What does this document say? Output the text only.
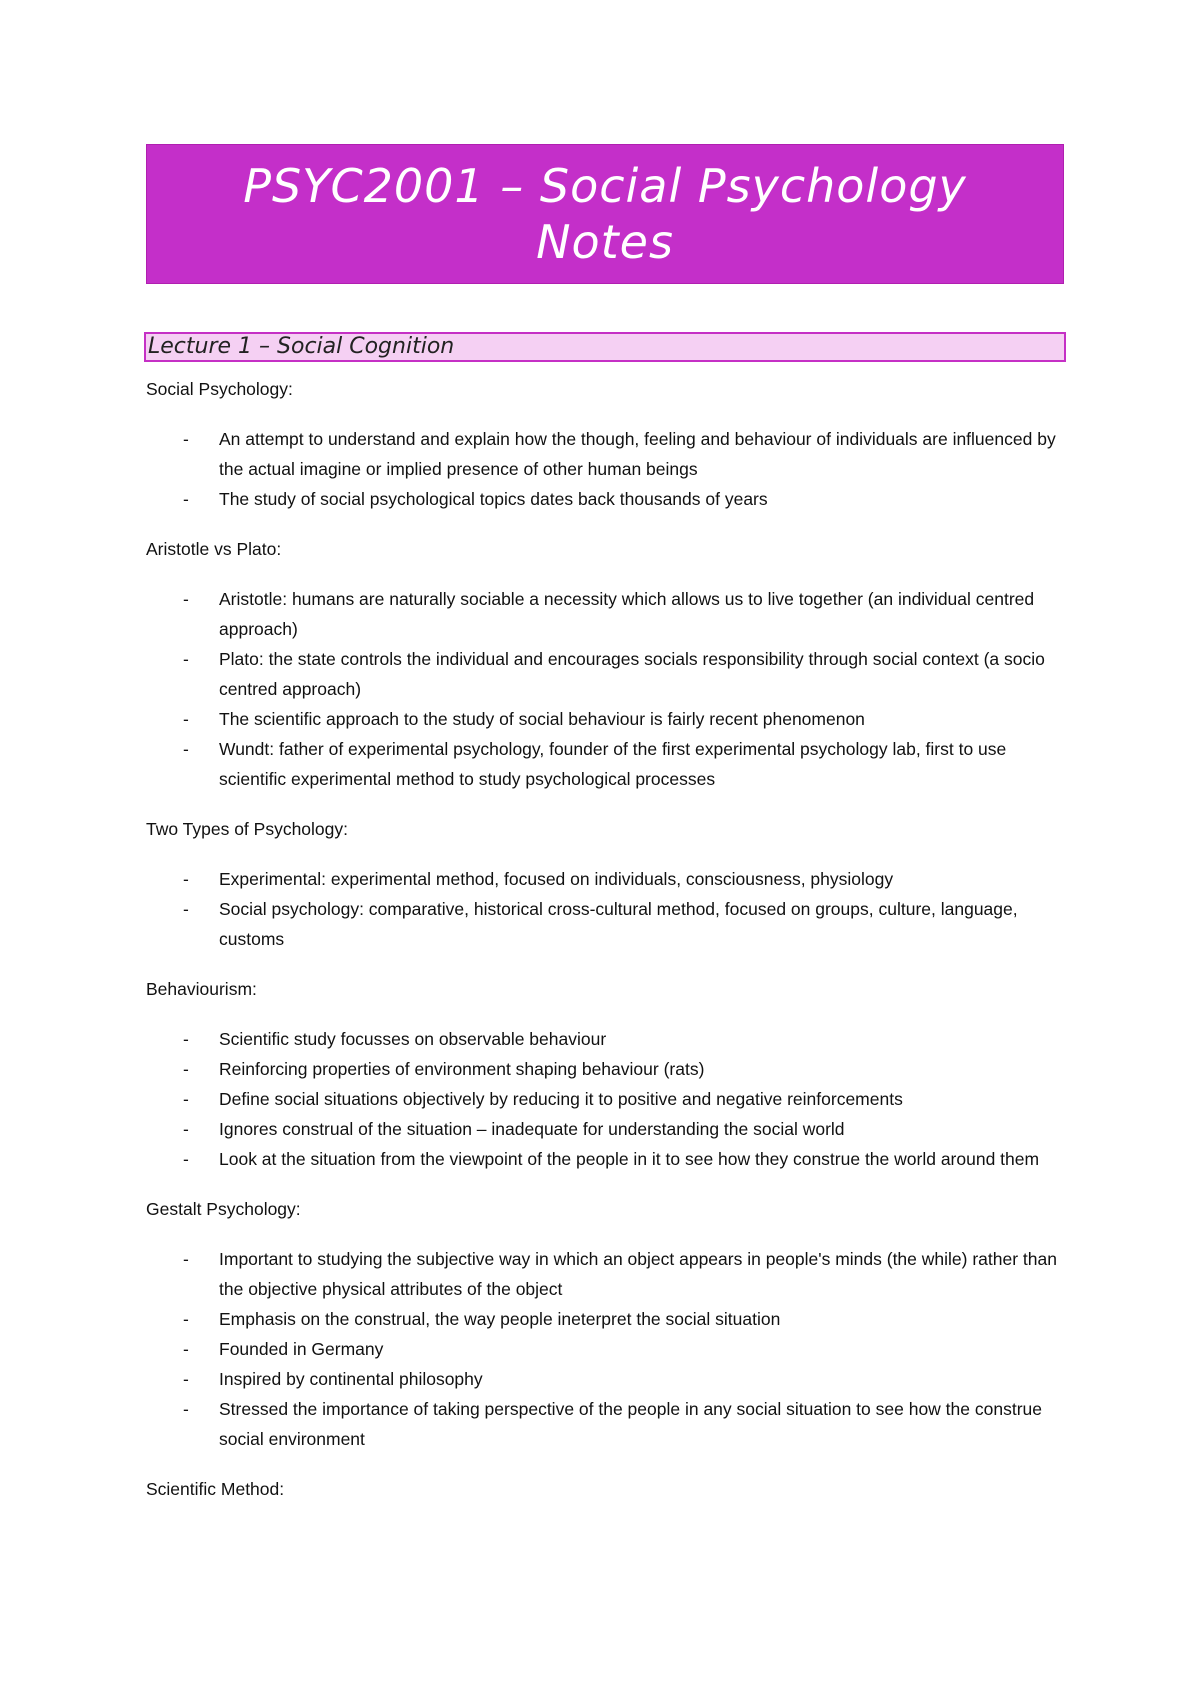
PSYC2001 – Social Psychology
Notes
Lecture 1 – Social Cognition
Social Psychology:
- An attempt to understand and explain how the though, feeling and behaviour of individuals are influenced by the actual imagine or implied presence of other human beings
- The study of social psychological topics dates back thousands of years
Aristotle vs Plato:
- Aristotle: humans are naturally sociable a necessity which allows us to live together (an individual centred approach)
- Plato: the state controls the individual and encourages socials responsibility through social context (a socio centred approach)
- The scientific approach to the study of social behaviour is fairly recent phenomenon
- Wundt: father of experimental psychology, founder of the first experimental psychology lab, first to use scientific experimental method to study psychological processes
Two Types of Psychology:
- Experimental: experimental method, focused on individuals, consciousness, physiology
- Social psychology: comparative, historical cross-cultural method, focused on groups, culture, language, customs
Behaviourism:
- Scientific study focusses on observable behaviour
- Reinforcing properties of environment shaping behaviour (rats)
- Define social situations objectively by reducing it to positive and negative reinforcements
- Ignores construal of the situation – inadequate for understanding the social world
- Look at the situation from the viewpoint of the people in it to see how they construe the world around them
Gestalt Psychology:
- Important to studying the subjective way in which an object appears in people's minds (the while) rather than the objective physical attributes of the object
- Emphasis on the construal, the way people ineterpret the social situation
- Founded in Germany
- Inspired by continental philosophy
- Stressed the importance of taking perspective of the people in any social situation to see how the construe social environment
Scientific Method:
